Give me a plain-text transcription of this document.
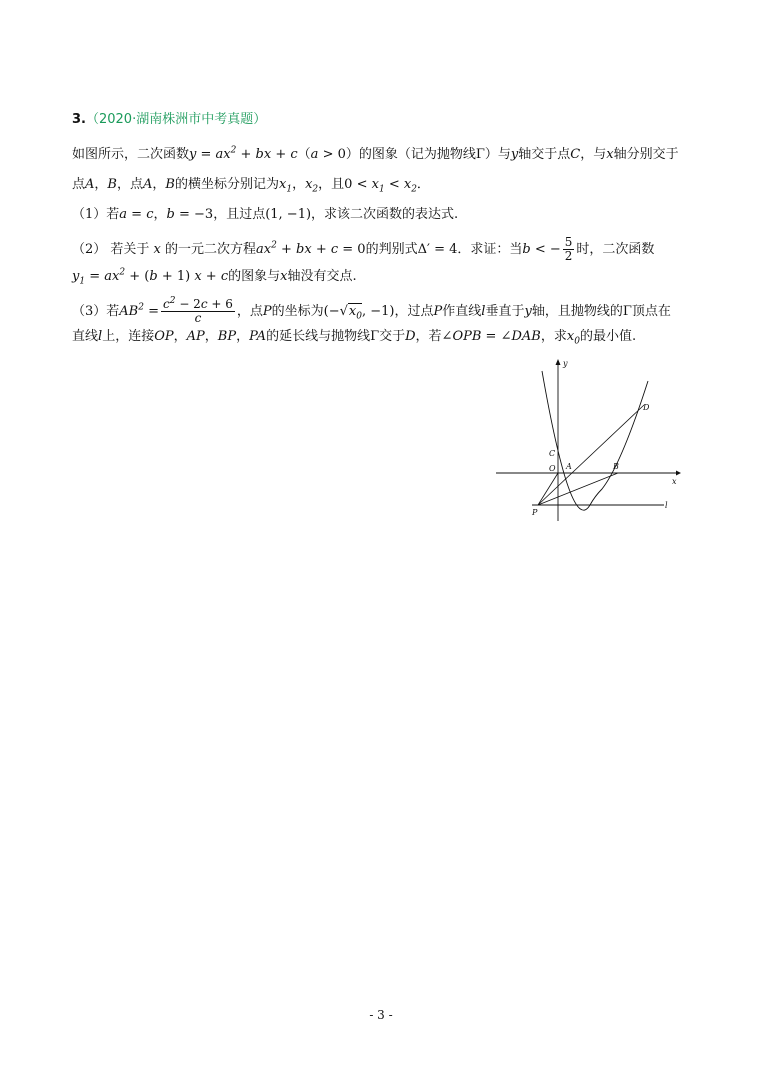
3.（2020·湖南株洲市中考真题）
如图所示，二次函数$y = ax^2$ + bx + c（a > 0）的图象（记为抛物线Γ）与y轴交于点C，与x轴分别交于
点A，B，点A，B的横坐标分别记为$x_1$，$x_2$，且$0 < x_1 < x_2$．
（1）若a = c，b = −3，且过点(1, −1)，求该二次函数的表达式.
（2） 若关于 x 的一元二次方程$ax^2$ + bx + c = 0的判别式Δ′ = 4．求证：当b < − $\frac{5}{2}$ 时，二次函数
$y_1 = ax^2 + (b + 1) x + c$的图象与x轴没有交点.
（3）若$AB^2 = \frac{c^2 - 2c + 6}{c}$ ，点P的坐标为($-√x_0$, −1)，过点P作直线l垂直于y轴，且抛物线的Γ顶点在
直线l上，连接OP，AP，BP，PA的延长线与抛物线Γ交于D，若∠OPB = ∠DAB，求$x_0$的最小值.
y
x
O A	B
C
D
P
l
- 3 -
